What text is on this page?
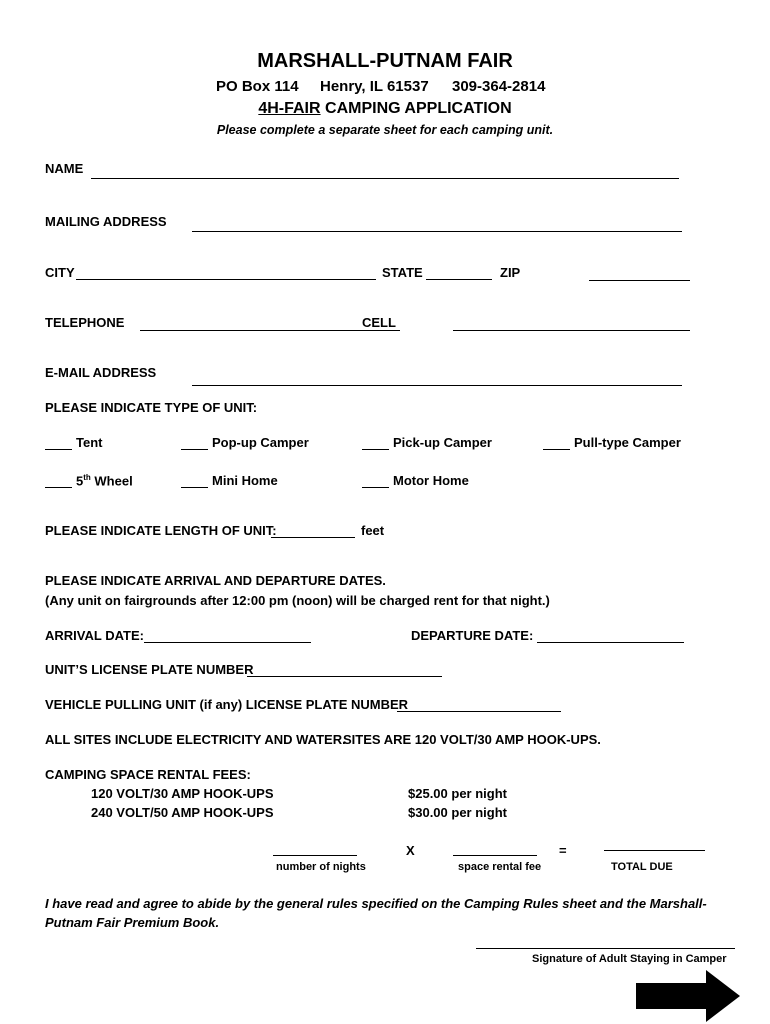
MARSHALL-PUTNAM FAIR
PO Box 114 Henry, IL 61537 309-364-2814
4H-FAIR CAMPING APPLICATION
Please complete a separate sheet for each camping unit.
NAME
MAILING ADDRESS
CITY	STATE	ZIP
TELEPHONE	CELL
E-MAIL ADDRESS
PLEASE INDICATE TYPE OF UNIT:
Tent	Pop-up Camper	Pick-up Camper	Pull-type Camper
5th Wheel	Mini Home	Motor Home
PLEASE INDICATE LENGTH OF UNIT:	feet
PLEASE INDICATE ARRIVAL AND DEPARTURE DATES.
(Any unit on fairgrounds after 12:00 pm (noon) will be charged rent for that night.)
ARRIVAL DATE:	DEPARTURE DATE:
UNIT’S LICENSE PLATE NUMBER
VEHICLE PULLING UNIT (if any) LICENSE PLATE NUMBER
ALL SITES INCLUDE ELECTRICITY AND WATER.
SITES ARE 120 VOLT/30 AMP HOOK-UPS.
CAMPING SPACE RENTAL FEES:
120 VOLT/30 AMP HOOK-UPS	$25.00 per night
240 VOLT/50 AMP HOOK-UPS	$30.00 per night
X	=
number of nights	space rental fee	TOTAL DUE
I have read and agree to abide by the general rules specified on the Camping Rules sheet and the Marshall-
Putnam Fair Premium Book.
Signature of Adult Staying in Camper
